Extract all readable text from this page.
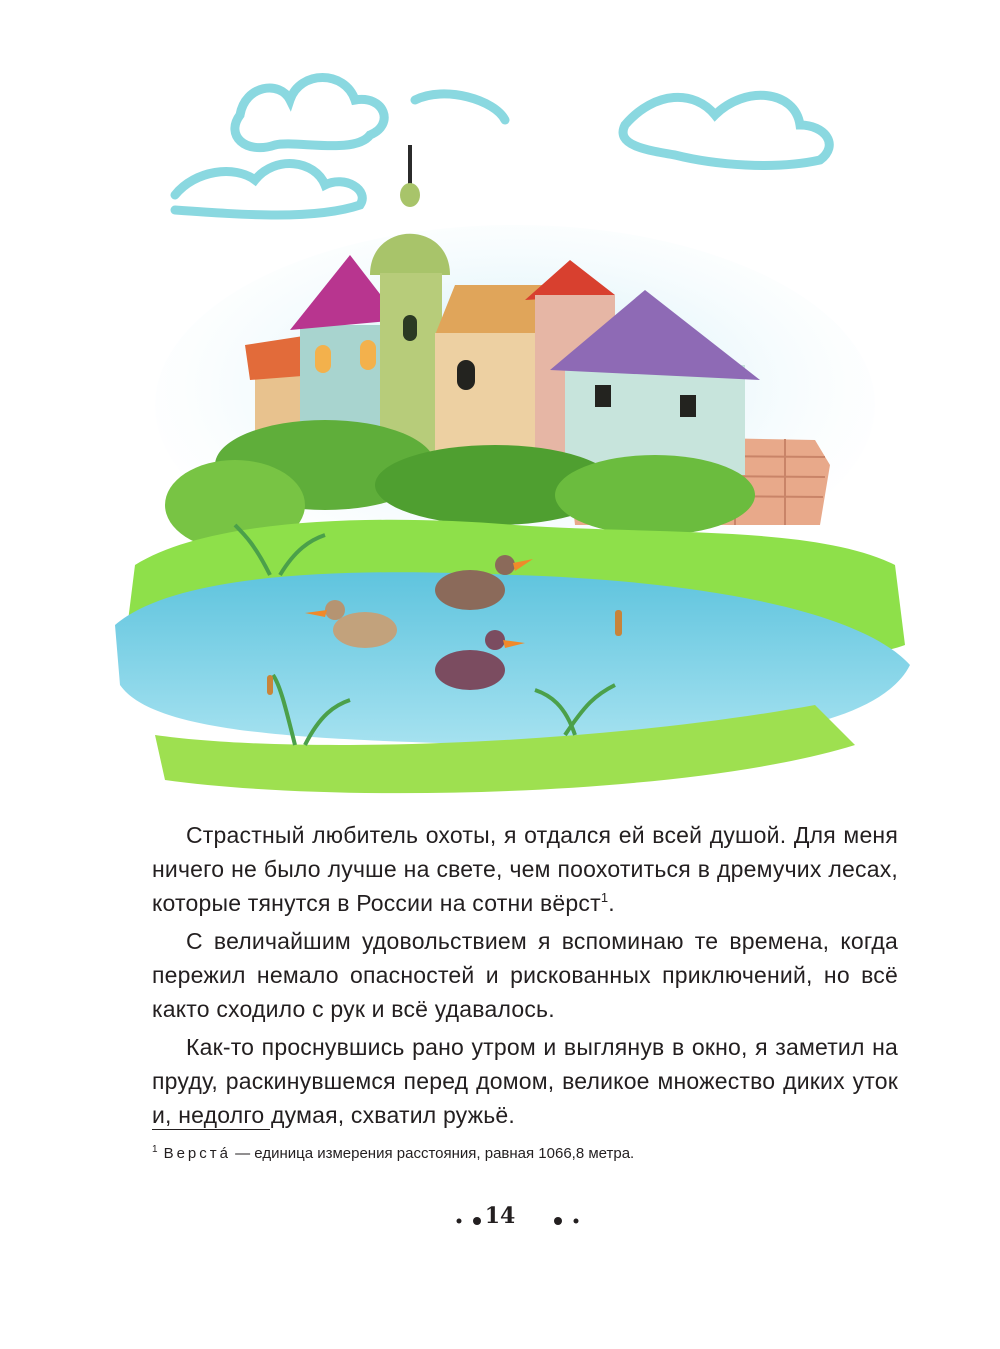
Страстный любитель охоты, я отдался ей всей душой. Для меня ничего не было лучше на свете, чем поохотиться в дремучих лесах, которые тянутся в России на сотни вёрст$^1$.

С величайшим удовольствием я вспоминаю те времена, когда пережил немало опасностей и рискованных приключений, но всё както сходило с рук и всё удавалось.

Как-то проснувшись рано утром и выглянув в окно, я заметил на пруду, раскинувшемся перед домом, великое множество диких уток и, недолго думая, схватил ружьё.

$^1$ Верстá — единица измерения расстояния, равная 1066,8 метра.
14
